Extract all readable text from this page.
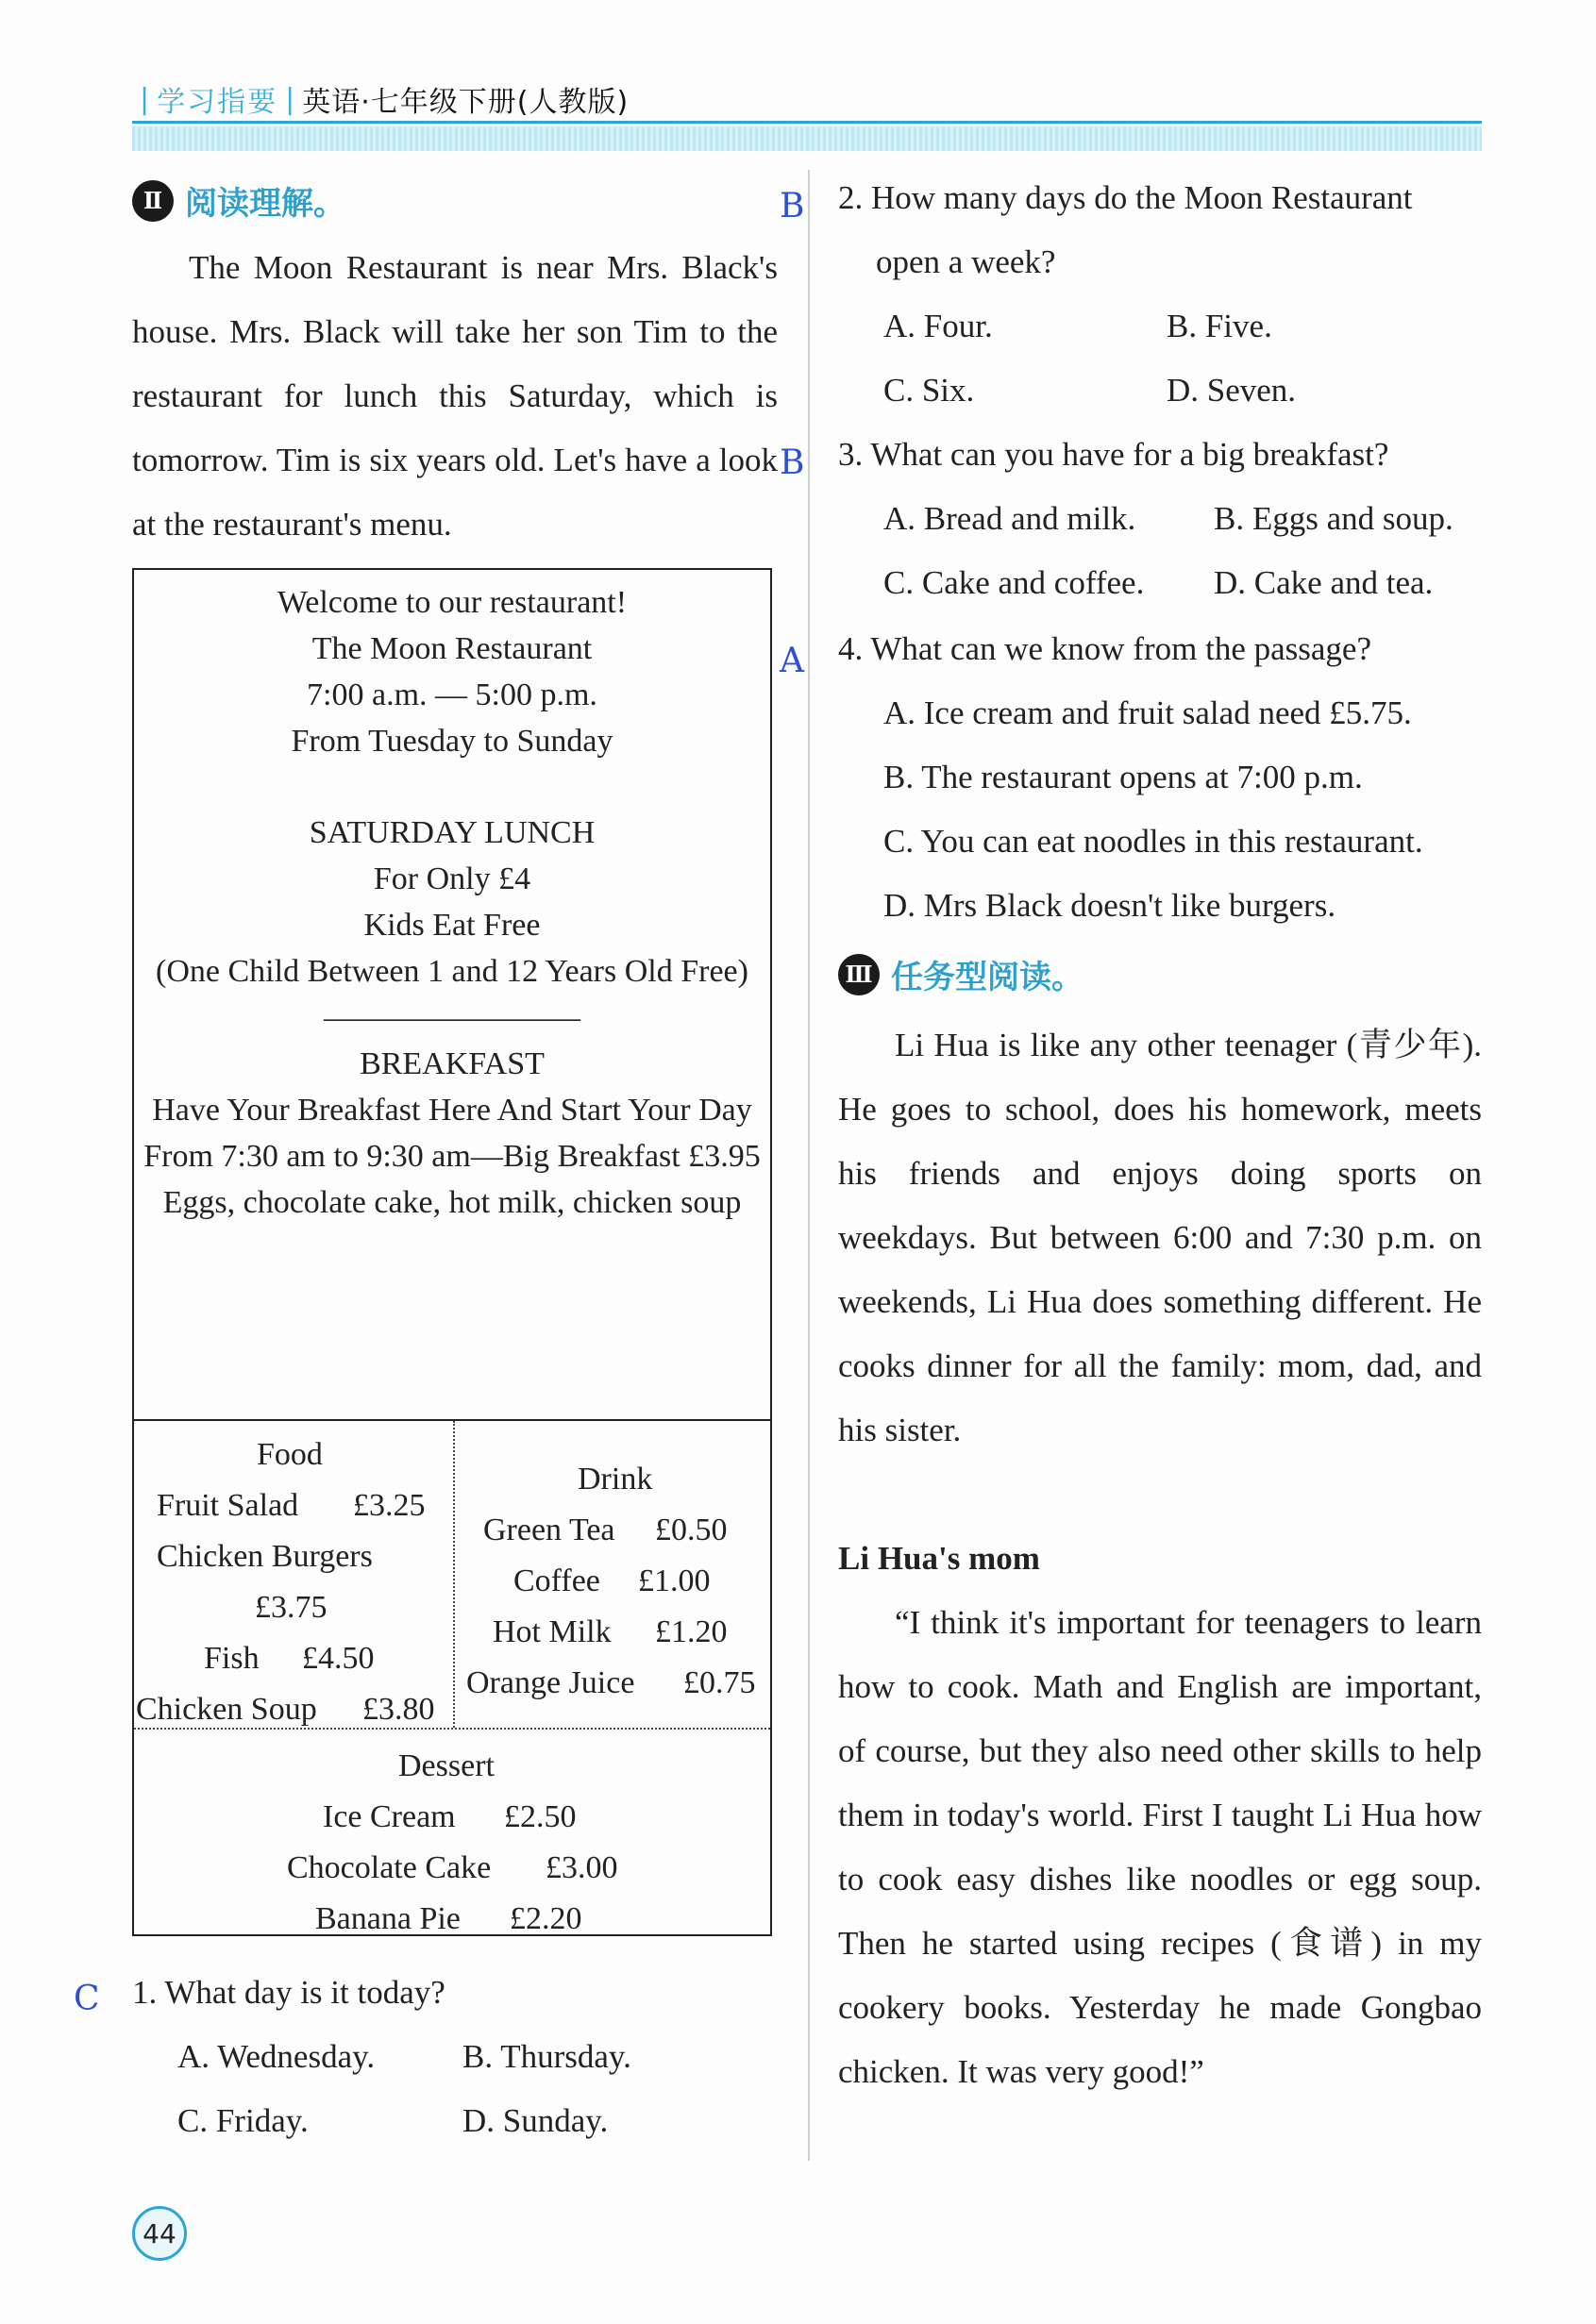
| 学习指要 | 英语·七年级下册(人教版)
Ⅱ 阅读理解。
The Moon Restaurant is near Mrs. Black's house. Mrs. Black will take her son Tim to the restaurant for lunch this Saturday, which is tomorrow. Tim is six years old. Let's have a look at the restaurant's menu.

Welcome to our restaurant!

The Moon Restaurant

7:00 a.m. — 5:00 p.m.

From Tuesday to Sunday

SATURDAY LUNCH

For Only £4

Kids Eat Free

(One Child Between 1 and 12 Years Old Free)

————————

BREAKFAST

Have Your Breakfast Here And Start Your Day

From 7:30 am to 9:30 am—Big Breakfast £3.95

Eggs, chocolate cake, hot milk, chicken soup

Food
Fruit Salad £3.25
Chicken Burgers
£3.75
Fish £4.50
Chicken Soup £3.80
Drink
Green Tea £0.50
Coffee £1.00
Hot Milk £1.20
Orange Juice £0.75
Dessert
Ice Cream £2.50
Chocolate Cake £3.00
Banana Pie £2.20
C 1. What day is it today?
A. Wednesday.	B. Thursday.
C. Friday.	D. Sunday.
B
B
A
2. How many days do the Moon Restaurant
open a week?
A. Four.	B. Five.
C. Six.	D. Seven.
3. What can you have for a big breakfast?
A. Bread and milk. B. Eggs and soup.
C. Cake and coffee. D. Cake and tea.
4. What can we know from the passage?
A. Ice cream and fruit salad need £5.75.
B. The restaurant opens at 7:00 p.m.
C. You can eat noodles in this restaurant.
D. Mrs Black doesn't like burgers.
Ⅲ 任务型阅读。
Li Hua is like any other teenager (青少年). He goes to school, does his homework, meets his friends and enjoys doing sports on weekdays. But between 6:00 and 7:30 p.m. on weekends, Li Hua does something different. He cooks dinner for all the family: mom, dad, and his sister.
Li Hua's mom
“I think it's important for teenagers to learn how to cook. Math and English are important, of course, but they also need other skills to help them in today's world. First I taught Li Hua how to cook easy dishes like noodles or egg soup. Then he started using recipes (食谱) in my cookery books. Yesterday he made Gongbao chicken. It was very good!”
44
